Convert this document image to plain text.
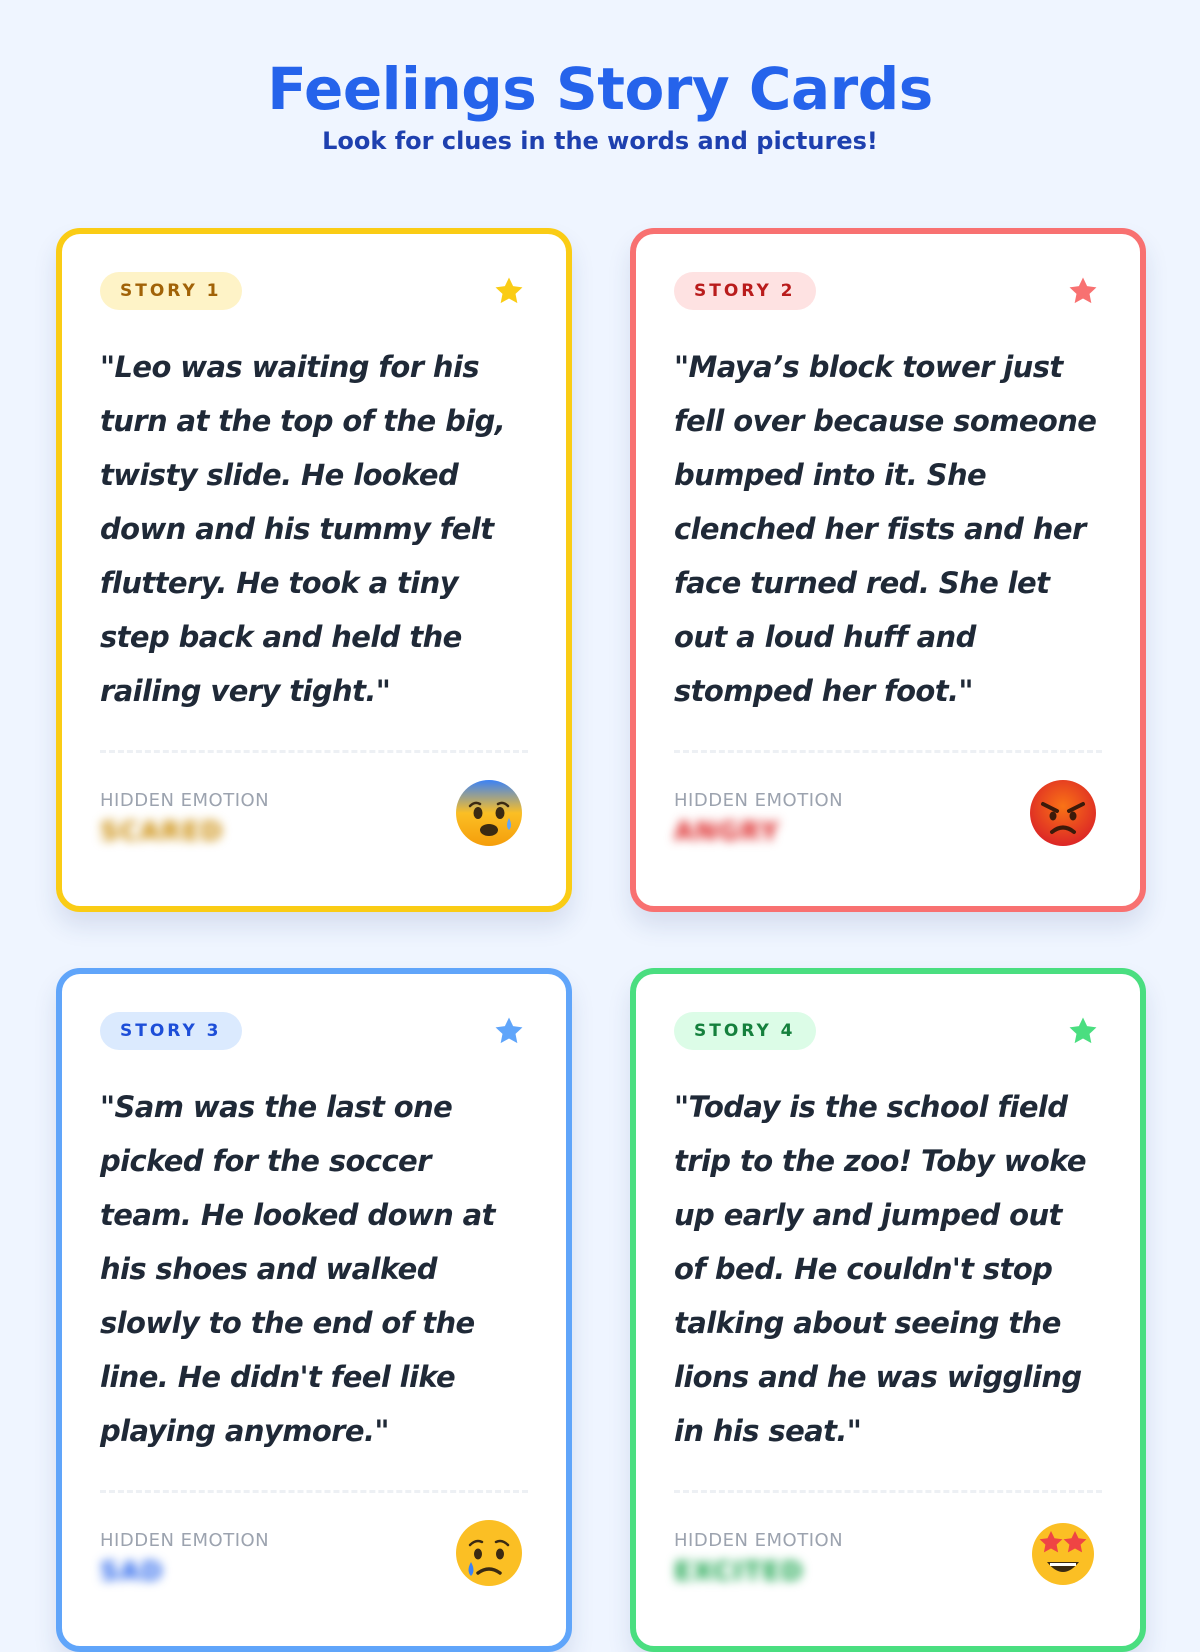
Feelings Story Cards
Look for clues in the words and pictures!
STORY 1

"Leo was waiting for his turn at the top of the big, twisty slide. He looked down and his tummy felt fluttery. He took a tiny step back and held the railing very tight."

HIDDEN EMOTION
SCARED
STORY 2

"Maya’s block tower just fell over because someone bumped into it. She clenched her fists and her face turned red. She let out a loud huff and stomped her foot."

HIDDEN EMOTION
ANGRY
STORY 3

"Sam was the last one picked for the soccer team. He looked down at his shoes and walked slowly to the end of the line. He didn't feel like playing anymore."

HIDDEN EMOTION
SAD
STORY 4

"Today is the school field trip to the zoo! Toby woke up early and jumped out of bed. He couldn't stop talking about seeing the lions and he was wiggling in his seat."

HIDDEN EMOTION
EXCITED
